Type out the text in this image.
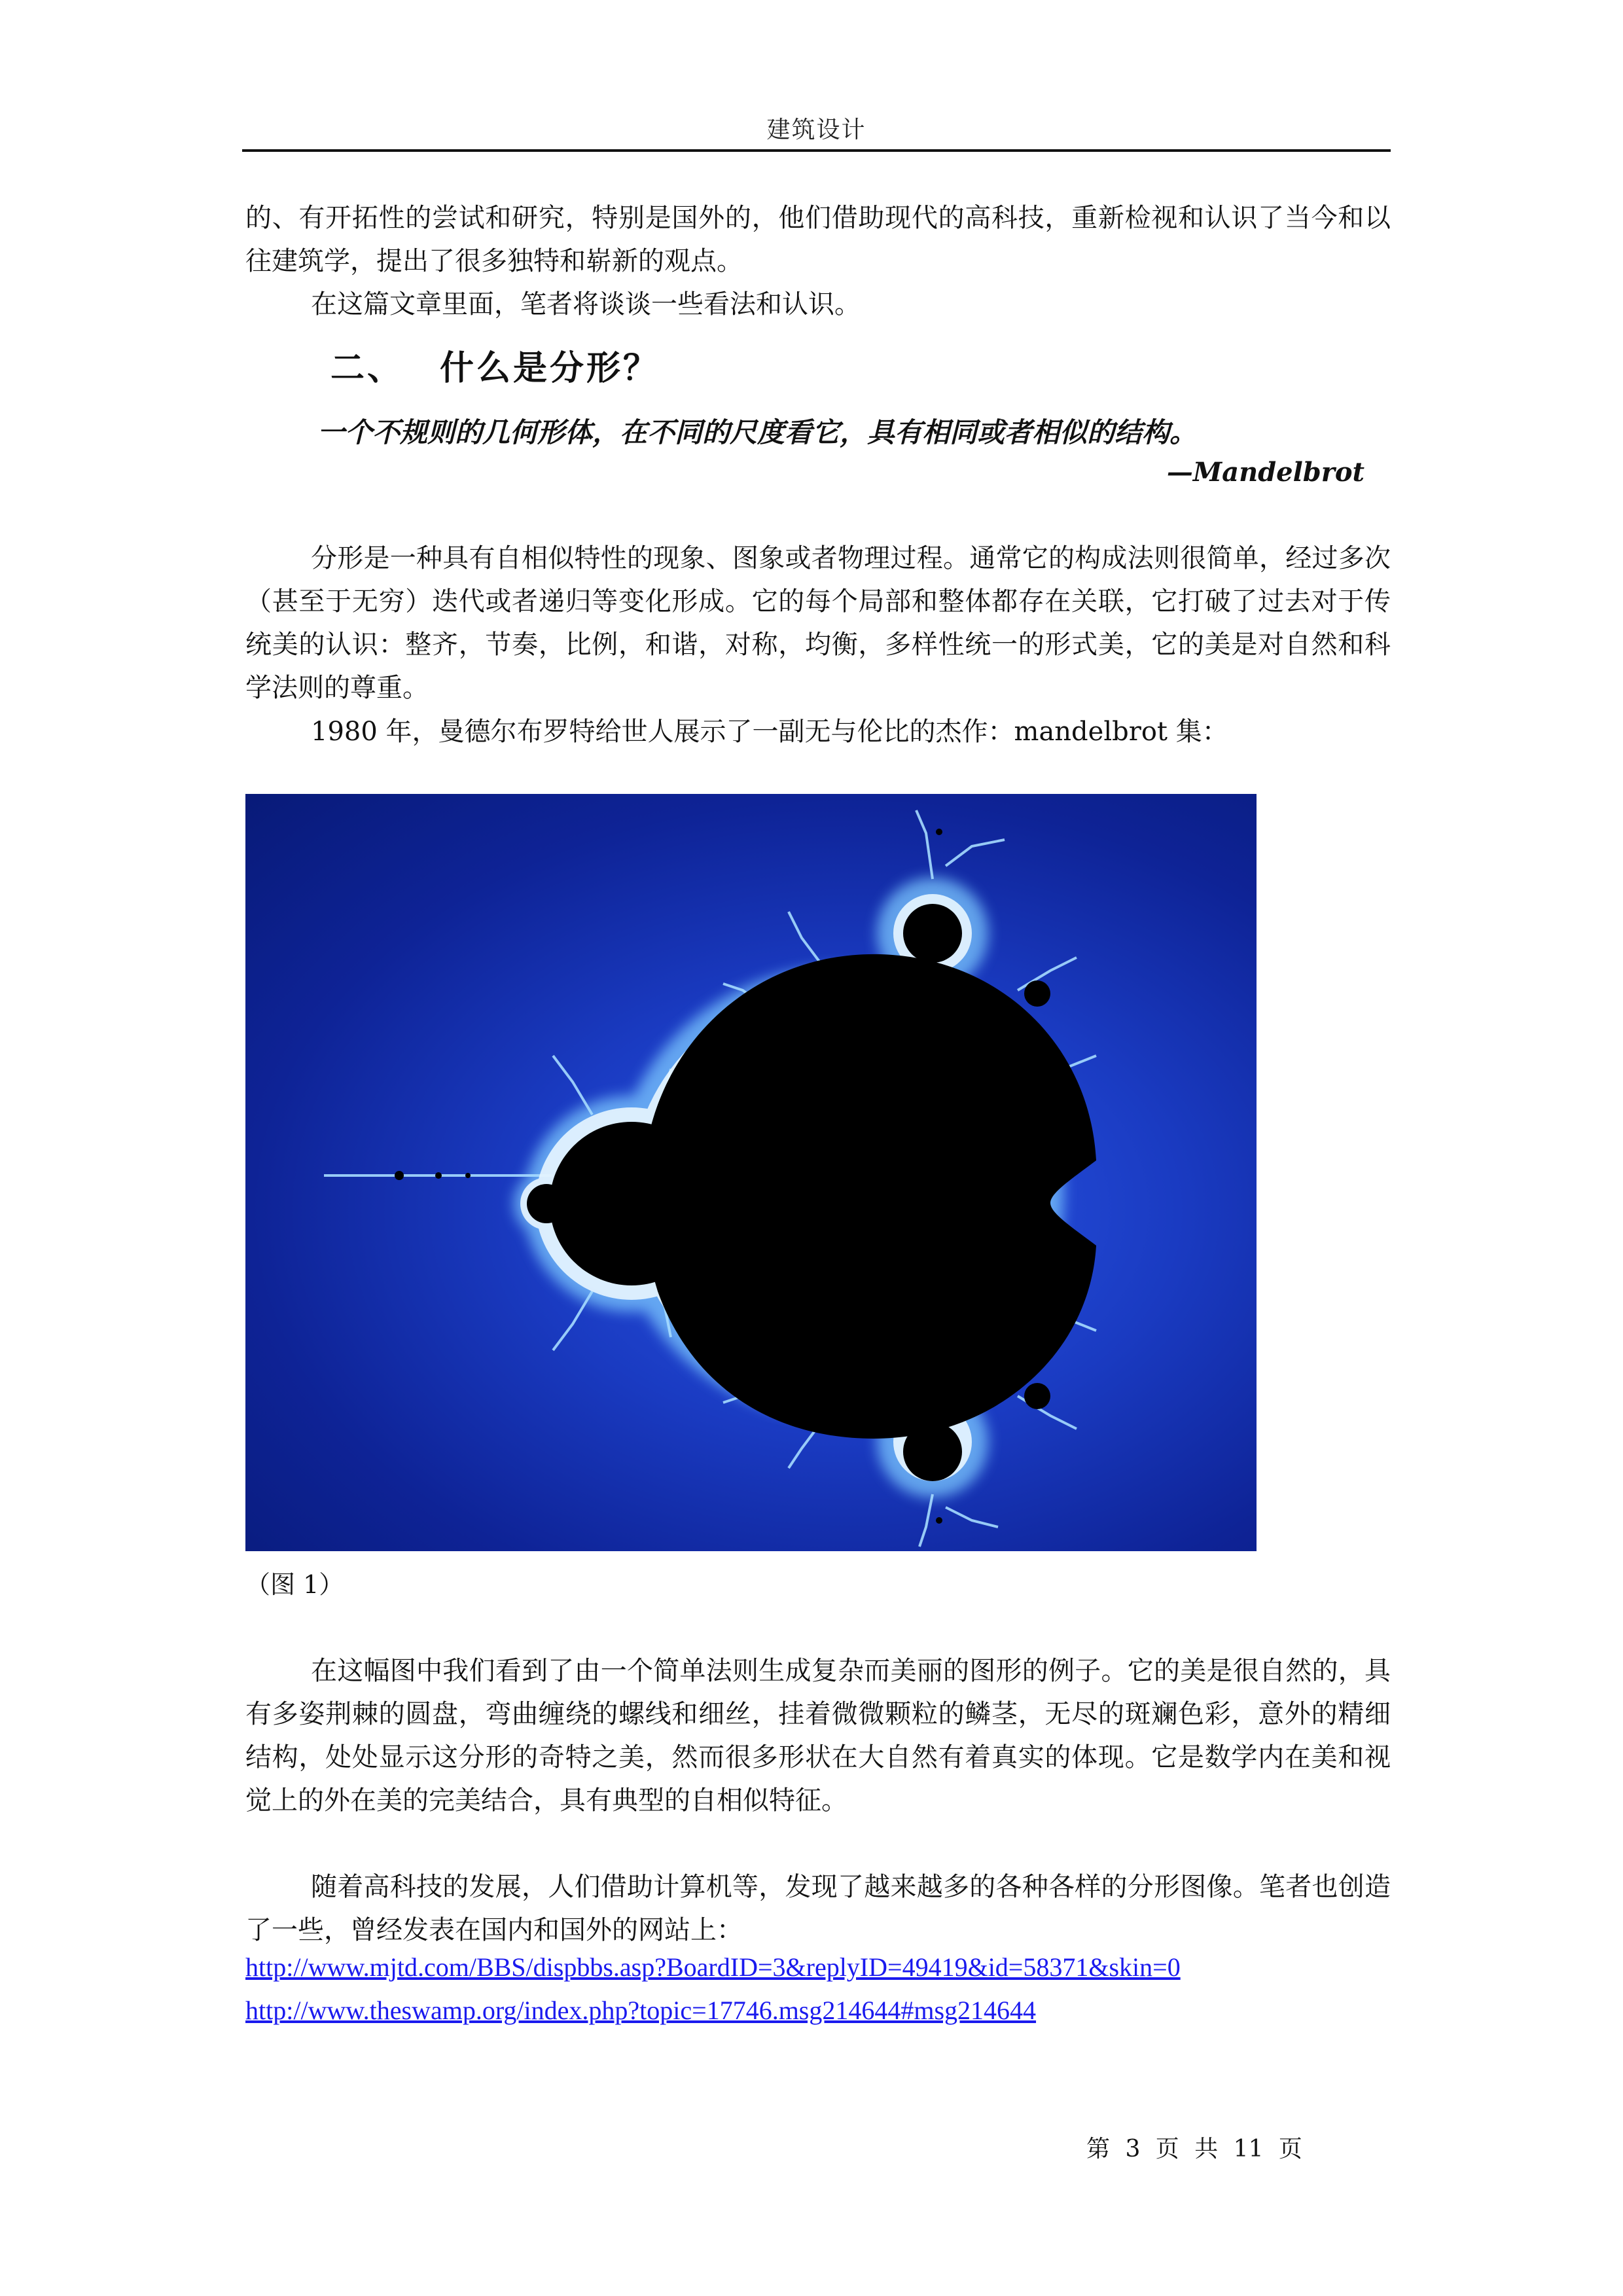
建筑设计

的、有开拓性的尝试和研究，特别是国外的，他们借助现代的高科技，重新检视和认识了当今和以往建筑学，提出了很多独特和崭新的观点。

在这篇文章里面，笔者将谈谈一些看法和认识。

二、 什么是分形？

一个不规则的几何形体，在不同的尺度看它，具有相同或者相似的结构。

—Mandelbrot

分形是一种具有自相似特性的现象、图象或者物理过程。通常它的构成法则很简单，经过多次（甚至于无穷）迭代或者递归等变化形成。它的每个局部和整体都存在关联，它打破了过去对于传统美的认识：整齐，节奏，比例，和谐，对称，均衡，多样性统一的形式美，它的美是对自然和科学法则的尊重。

1980 年，曼德尔布罗特给世人展示了一副无与伦比的杰作：mandelbrot 集：

（图 1）

在这幅图中我们看到了由一个简单法则生成复杂而美丽的图形的例子。它的美是很自然的，具有多姿荆棘的圆盘，弯曲缠绕的螺线和细丝，挂着微微颗粒的鳞茎，无尽的斑斓色彩，意外的精细结构，处处显示这分形的奇特之美，然而很多形状在大自然有着真实的体现。它是数学内在美和视觉上的外在美的完美结合，具有典型的自相似特征。

随着高科技的发展，人们借助计算机等，发现了越来越多的各种各样的分形图像。笔者也创造了一些，曾经发表在国内和国外的网站上：

http://www.mjtd.com/BBS/dispbbs.asp?BoardID=3&replyID=49419&id=58371&skin=0
http://www.theswamp.org/index.php?topic=17746.msg214644#msg214644

第 3 页 共 11 页
